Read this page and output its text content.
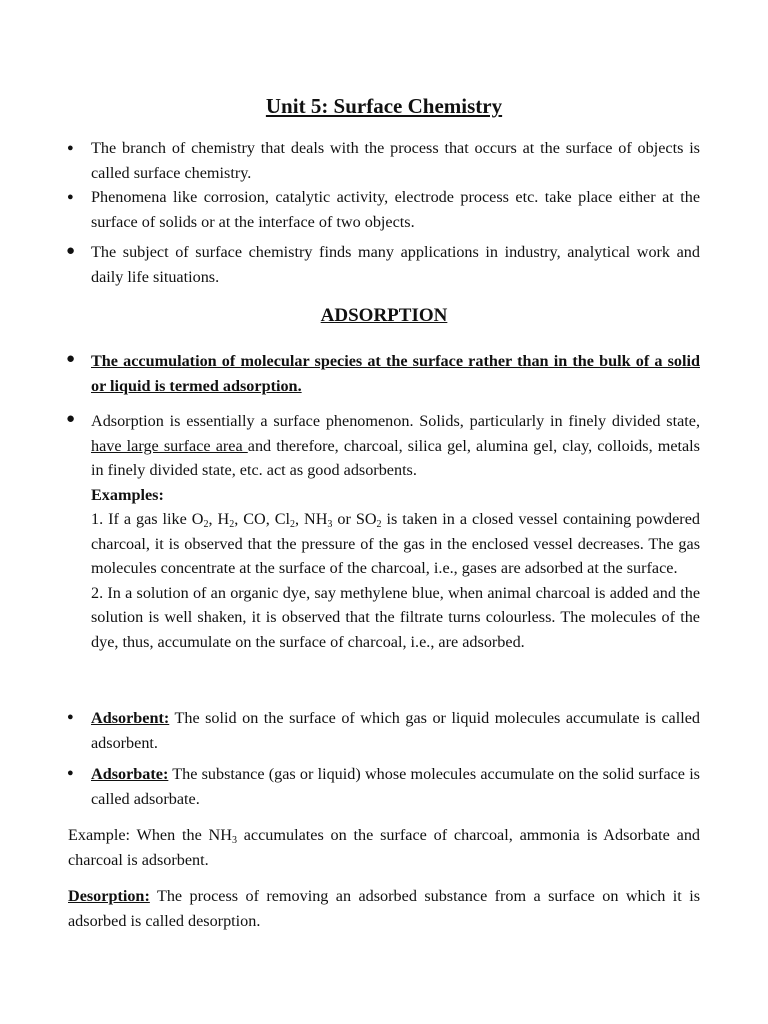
Unit 5: Surface Chemistry
● The branch of chemistry that deals with the process that occurs at the surface of objects is called surface chemistry.

● Phenomena like corrosion, catalytic activity, electrode process etc. take place either at the surface of solids or at the interface of two objects.

● The subject of surface chemistry finds many applications in industry, analytical work and daily life situations.

ADSORPTION
● The accumulation of molecular species at the surface rather than in the bulk of a solid or liquid is termed adsorption.

● Adsorption is essentially a surface phenomenon. Solids, particularly in finely divided state, have large surface area and therefore, charcoal, silica gel, alumina gel, clay, colloids, metals in finely divided state, etc. act as good adsorbents.

Examples:

1. If a gas like $O_2$, $H_2$, CO, $Cl_2$, $NH_3$ or $SO_2$ is taken in a closed vessel containing powdered charcoal, it is observed that the pressure of the gas in the enclosed vessel decreases. The gas molecules concentrate at the surface of the charcoal, i.e., gases are adsorbed at the surface.

2. In a solution of an organic dye, say methylene blue, when animal charcoal is added and the solution is well shaken, it is observed that the filtrate turns colourless. The molecules of the dye, thus, accumulate on the surface of charcoal, i.e., are adsorbed.

● Adsorbent: The solid on the surface of which gas or liquid molecules accumulate is called adsorbent.

● Adsorbate: The substance (gas or liquid) whose molecules accumulate on the solid surface is called adsorbate.

Example: When the $NH_3$ accumulates on the surface of charcoal, ammonia is Adsorbate and charcoal is adsorbent.

Desorption: The process of removing an adsorbed substance from a surface on which it is adsorbed is called desorption.
